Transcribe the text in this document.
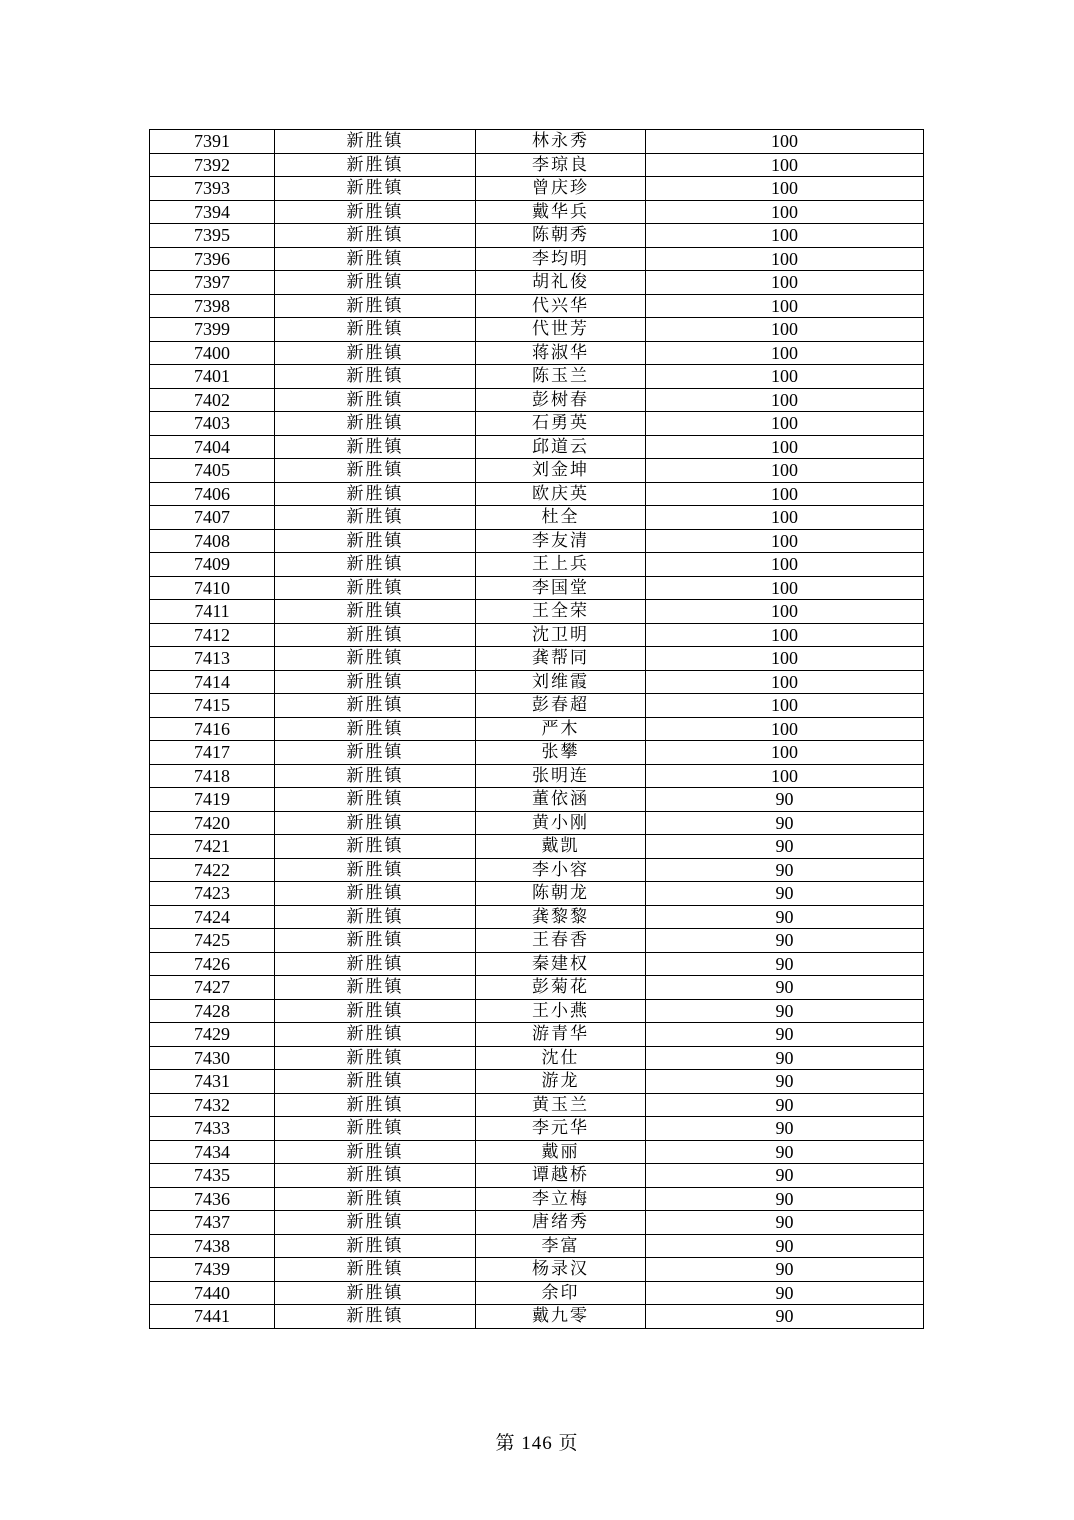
7391	新胜镇	林永秀	100
7392	新胜镇	李琼良	100
7393	新胜镇	曾庆珍	100
7394	新胜镇	戴华兵	100
7395	新胜镇	陈朝秀	100
7396	新胜镇	李均明	100
7397	新胜镇	胡礼俊	100
7398	新胜镇	代兴华	100
7399	新胜镇	代世芳	100
7400	新胜镇	蒋淑华	100
7401	新胜镇	陈玉兰	100
7402	新胜镇	彭树春	100
7403	新胜镇	石勇英	100
7404	新胜镇	邱道云	100
7405	新胜镇	刘金坤	100
7406	新胜镇	欧庆英	100
7407	新胜镇	杜全	100
7408	新胜镇	李友清	100
7409	新胜镇	王上兵	100
7410	新胜镇	李国堂	100
7411	新胜镇	王全荣	100
7412	新胜镇	沈卫明	100
7413	新胜镇	龚帮同	100
7414	新胜镇	刘维霞	100
7415	新胜镇	彭春超	100
7416	新胜镇	严木	100
7417	新胜镇	张攀	100
7418	新胜镇	张明连	100
7419	新胜镇	董依涵	90
7420	新胜镇	黄小刚	90
7421	新胜镇	戴凯	90
7422	新胜镇	李小容	90
7423	新胜镇	陈朝龙	90
7424	新胜镇	龚黎黎	90
7425	新胜镇	王春香	90
7426	新胜镇	秦建权	90
7427	新胜镇	彭菊花	90
7428	新胜镇	王小燕	90
7429	新胜镇	游青华	90
7430	新胜镇	沈仕	90
7431	新胜镇	游龙	90
7432	新胜镇	黄玉兰	90
7433	新胜镇	李元华	90
7434	新胜镇	戴丽	90
7435	新胜镇	谭越桥	90
7436	新胜镇	李立梅	90
7437	新胜镇	唐绪秀	90
7438	新胜镇	李富	90
7439	新胜镇	杨录汉	90
7440	新胜镇	余印	90
7441	新胜镇	戴九零	90
第 146 页
